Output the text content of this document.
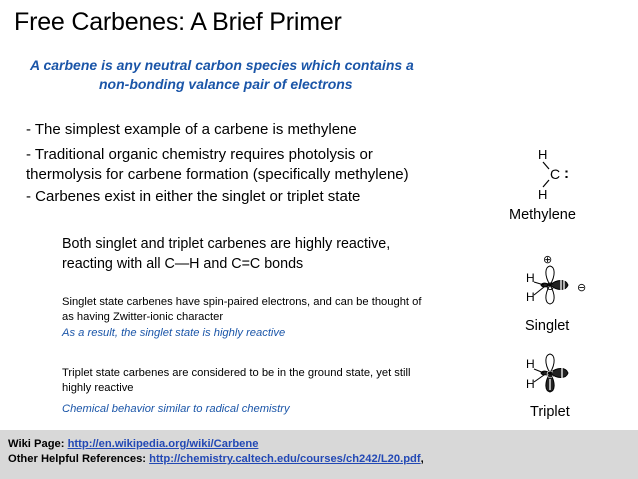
Free Carbenes: A Brief Primer
A carbene is any neutral carbon species which contains a
non-bonding valance pair of electrons
- The simplest example of a carbene is methylene
- Traditional organic chemistry requires photolysis or
thermolysis for carbene formation (specifically methylene)
- Carbenes exist in either the singlet or triplet state
Both singlet and triplet carbenes are highly reactive,
reacting with all C—H and C=C bonds
Singlet state carbenes have spin-paired electrons, and can be thought of
as having Zwitter-ionic character
As a result, the singlet state is highly reactive
Triplet state carbenes are considered to be in the ground state, yet still
highly reactive
Chemical behavior similar to radical chemistry
H
H
C :
Methylene
⊕
H
H
C ⊖
Singlet
H
H
C
Triplet
Wiki Page: http://en.wikipedia.org/wiki/Carbene
Other Helpful References: http://chemistry.caltech.edu/courses/ch242/L20.pdf,
